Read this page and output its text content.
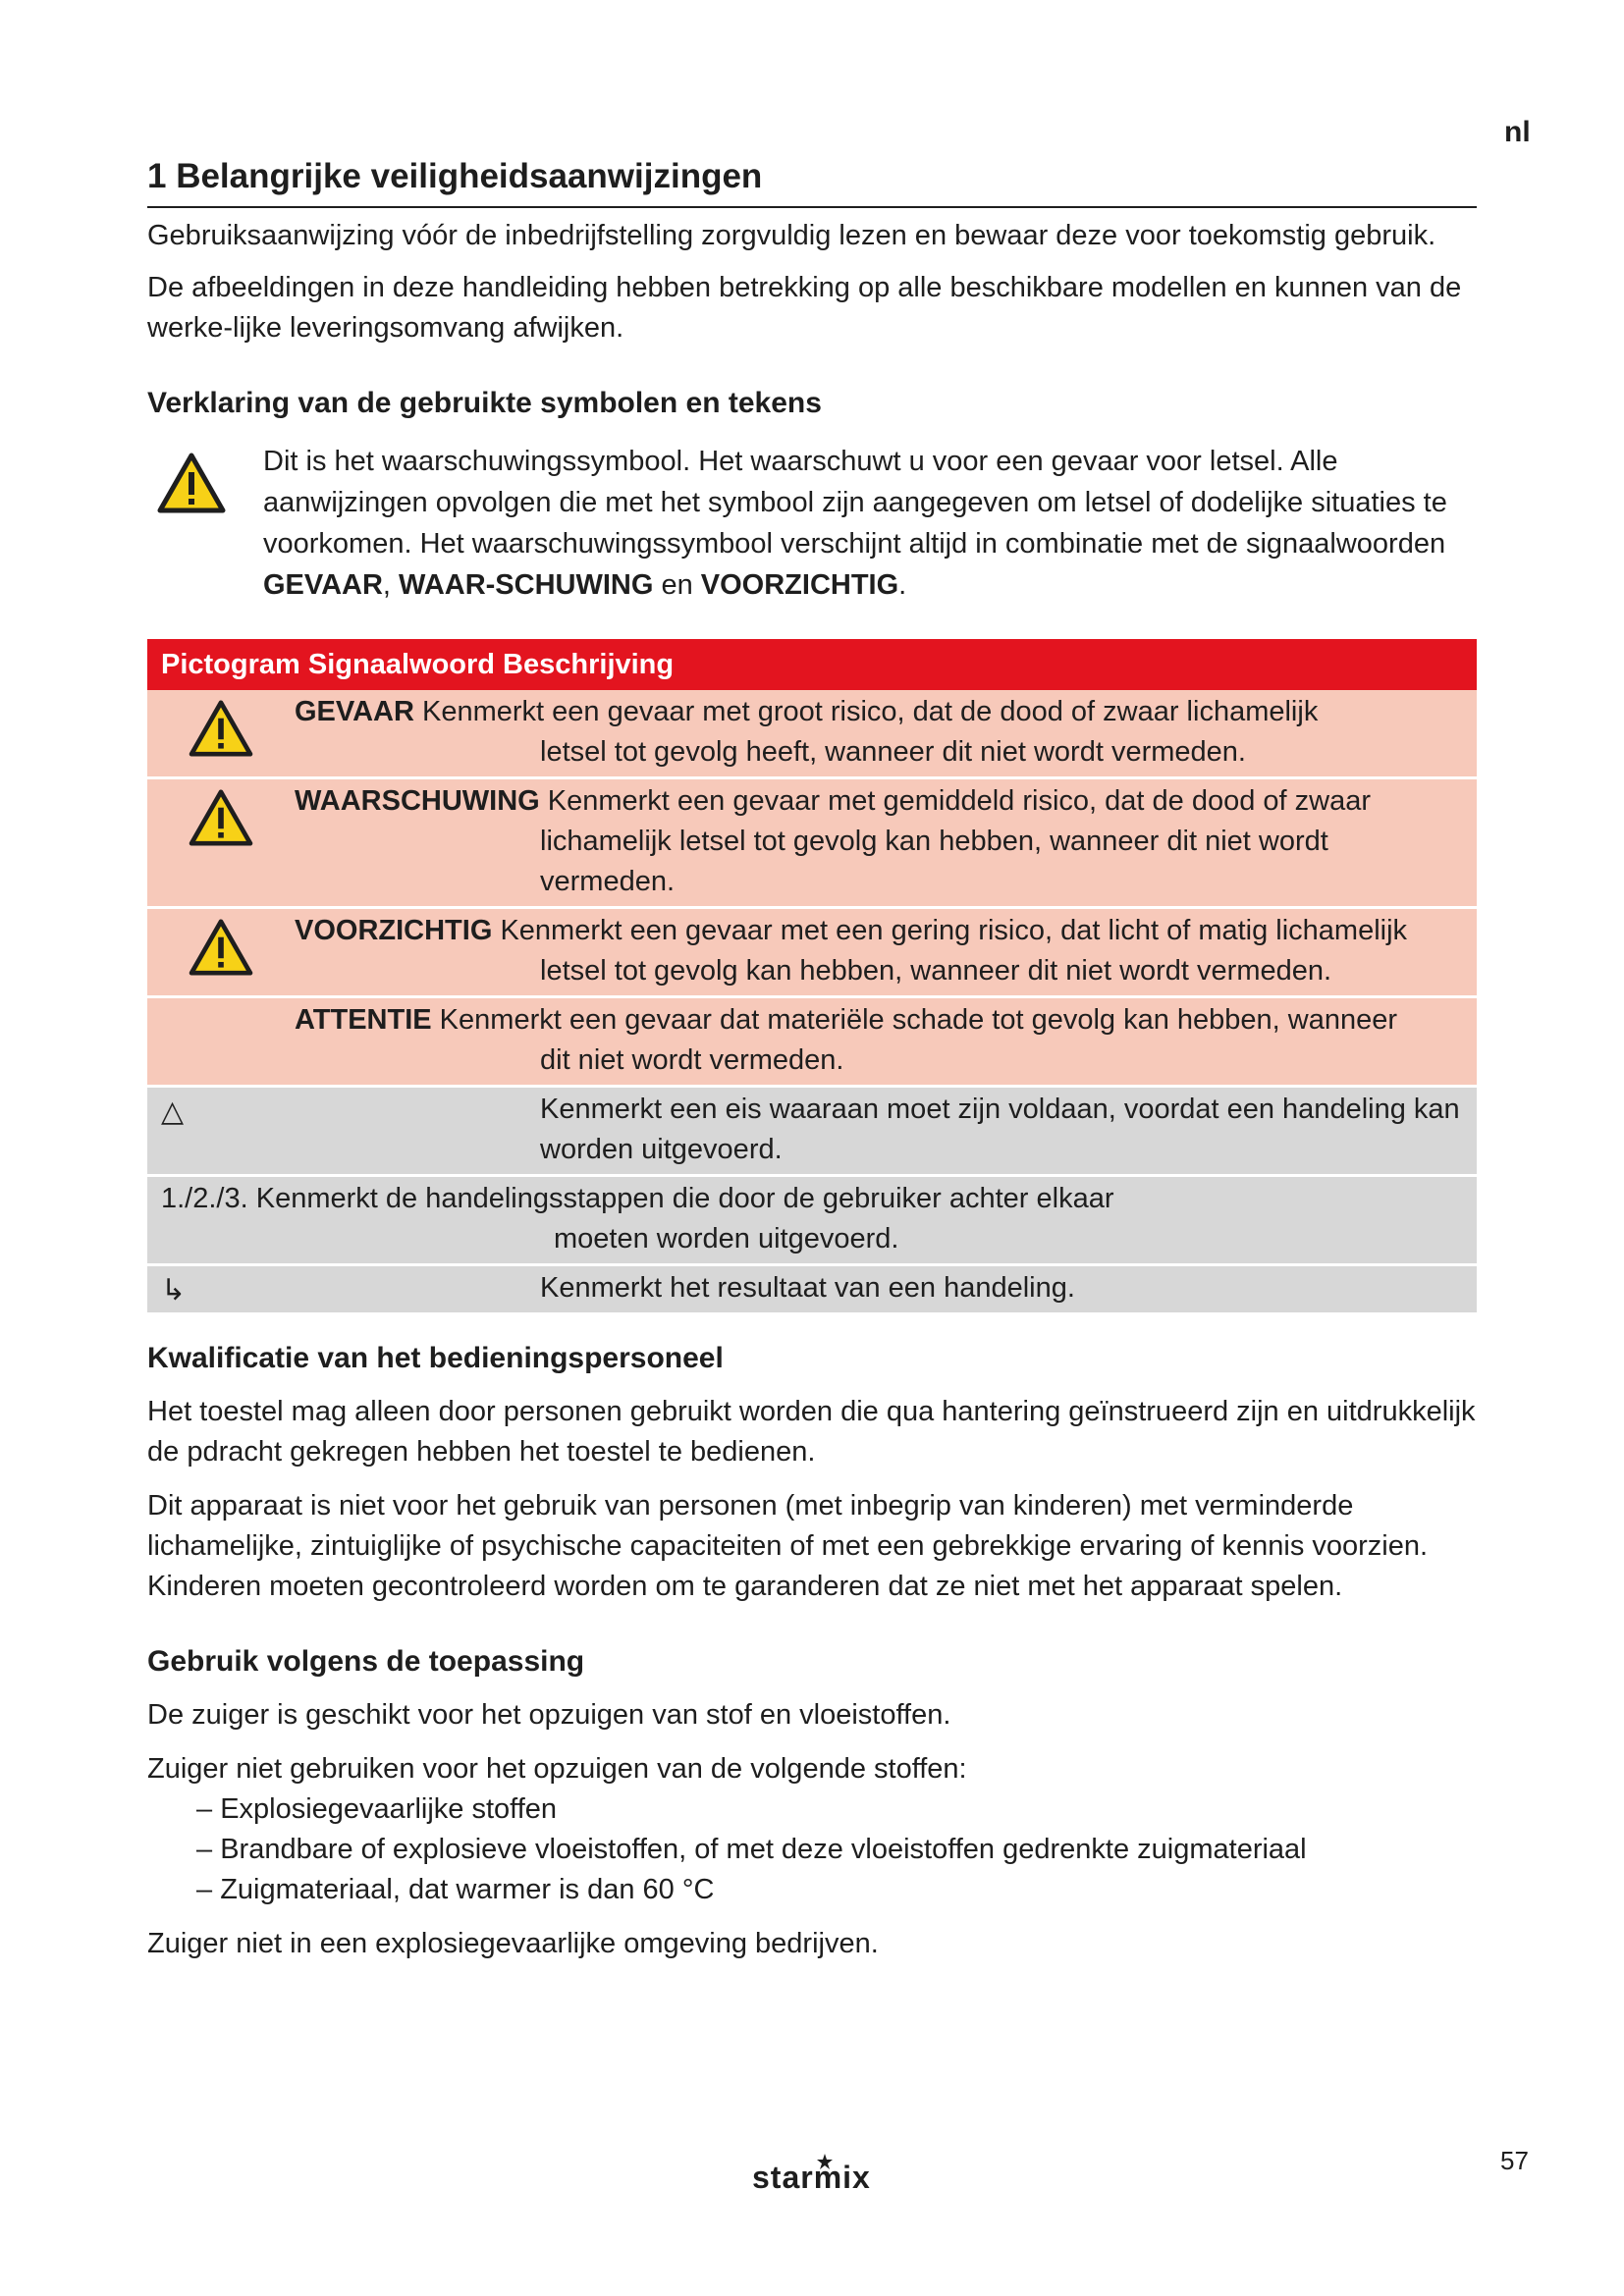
nl
1 Belangrijke veiligheidsaanwijzingen

Gebruiksaanwijzing vóór de inbedrijfstelling zorgvuldig lezen en bewaar deze voor toekomstig gebruik.

De afbeeldingen in deze handleiding hebben betrekking op alle beschikbare modellen en kunnen van de werke-lijke leveringsomvang afwijken.

Verklaring van de gebruikte symbolen en tekens

Dit is het waarschuwingssymbool. Het waarschuwt u voor een gevaar voor letsel. Alle aanwijzingen opvolgen die met het symbool zijn aangegeven om letsel of dodelijke situaties te voorkomen. Het waarschuwingssymbool verschijnt altijd in combinatie met de signaalwoorden GEVAAR, WAAR-SCHUWING en VOORZICHTIG.

Pictogram Signaalwoord Beschrijving	

GEVAAR Kenmerkt een gevaar met groot risico, dat de dood of zwaar lichamelijk
letsel tot gevolg heeft, wanneer dit niet wordt vermeden.

WAARSCHUWING Kenmerkt een gevaar met gemiddeld risico, dat de dood of zwaar
lichamelijk letsel tot gevolg kan hebben, wanneer dit niet wordt vermeden.

VOORZICHTIG Kenmerkt een gevaar met een gering risico, dat licht of matig lichamelijk
letsel tot gevolg kan hebben, wanneer dit niet wordt vermeden.

	ATTENTIE Kenmerkt een gevaar dat materiële schade tot gevolg kan hebben, wanneer
dit niet wordt vermeden.

△	Kenmerkt een eis waaraan moet zijn voldaan, voordat een handeling kan worden uitgevoerd.

1./2./3. Kenmerkt de handelingsstappen die door de gebruiker achter elkaar
moeten worden uitgevoerd.	

↳	Kenmerkt het resultaat van een handeling.
Kwalificatie van het bedieningspersoneel

Het toestel mag alleen door personen gebruikt worden die qua hantering geïnstrueerd zijn en uitdrukkelijk de pdracht gekregen hebben het toestel te bedienen.

Dit apparaat is niet voor het gebruik van personen (met inbegrip van kinderen) met verminderde lichamelijke, zintuiglijke of psychische capaciteiten of met een gebrekkige ervaring of kennis voorzien. Kinderen moeten gecontroleerd worden om te garanderen dat ze niet met het apparaat spelen.

Gebruik volgens de toepassing

De zuiger is geschikt voor het opzuigen van stof en vloeistoffen.

Zuiger niet gebruiken voor het opzuigen van de volgende stoffen:

– Explosiegevaarlijke stoffen
– Brandbare of explosieve vloeistoffen, of met deze vloeistoffen gedrenkte zuigmateriaal
– Zuigmateriaal, dat warmer is dan 60 °C

Zuiger niet in een explosiegevaarlijke omgeving bedrijven.

starmix	57
